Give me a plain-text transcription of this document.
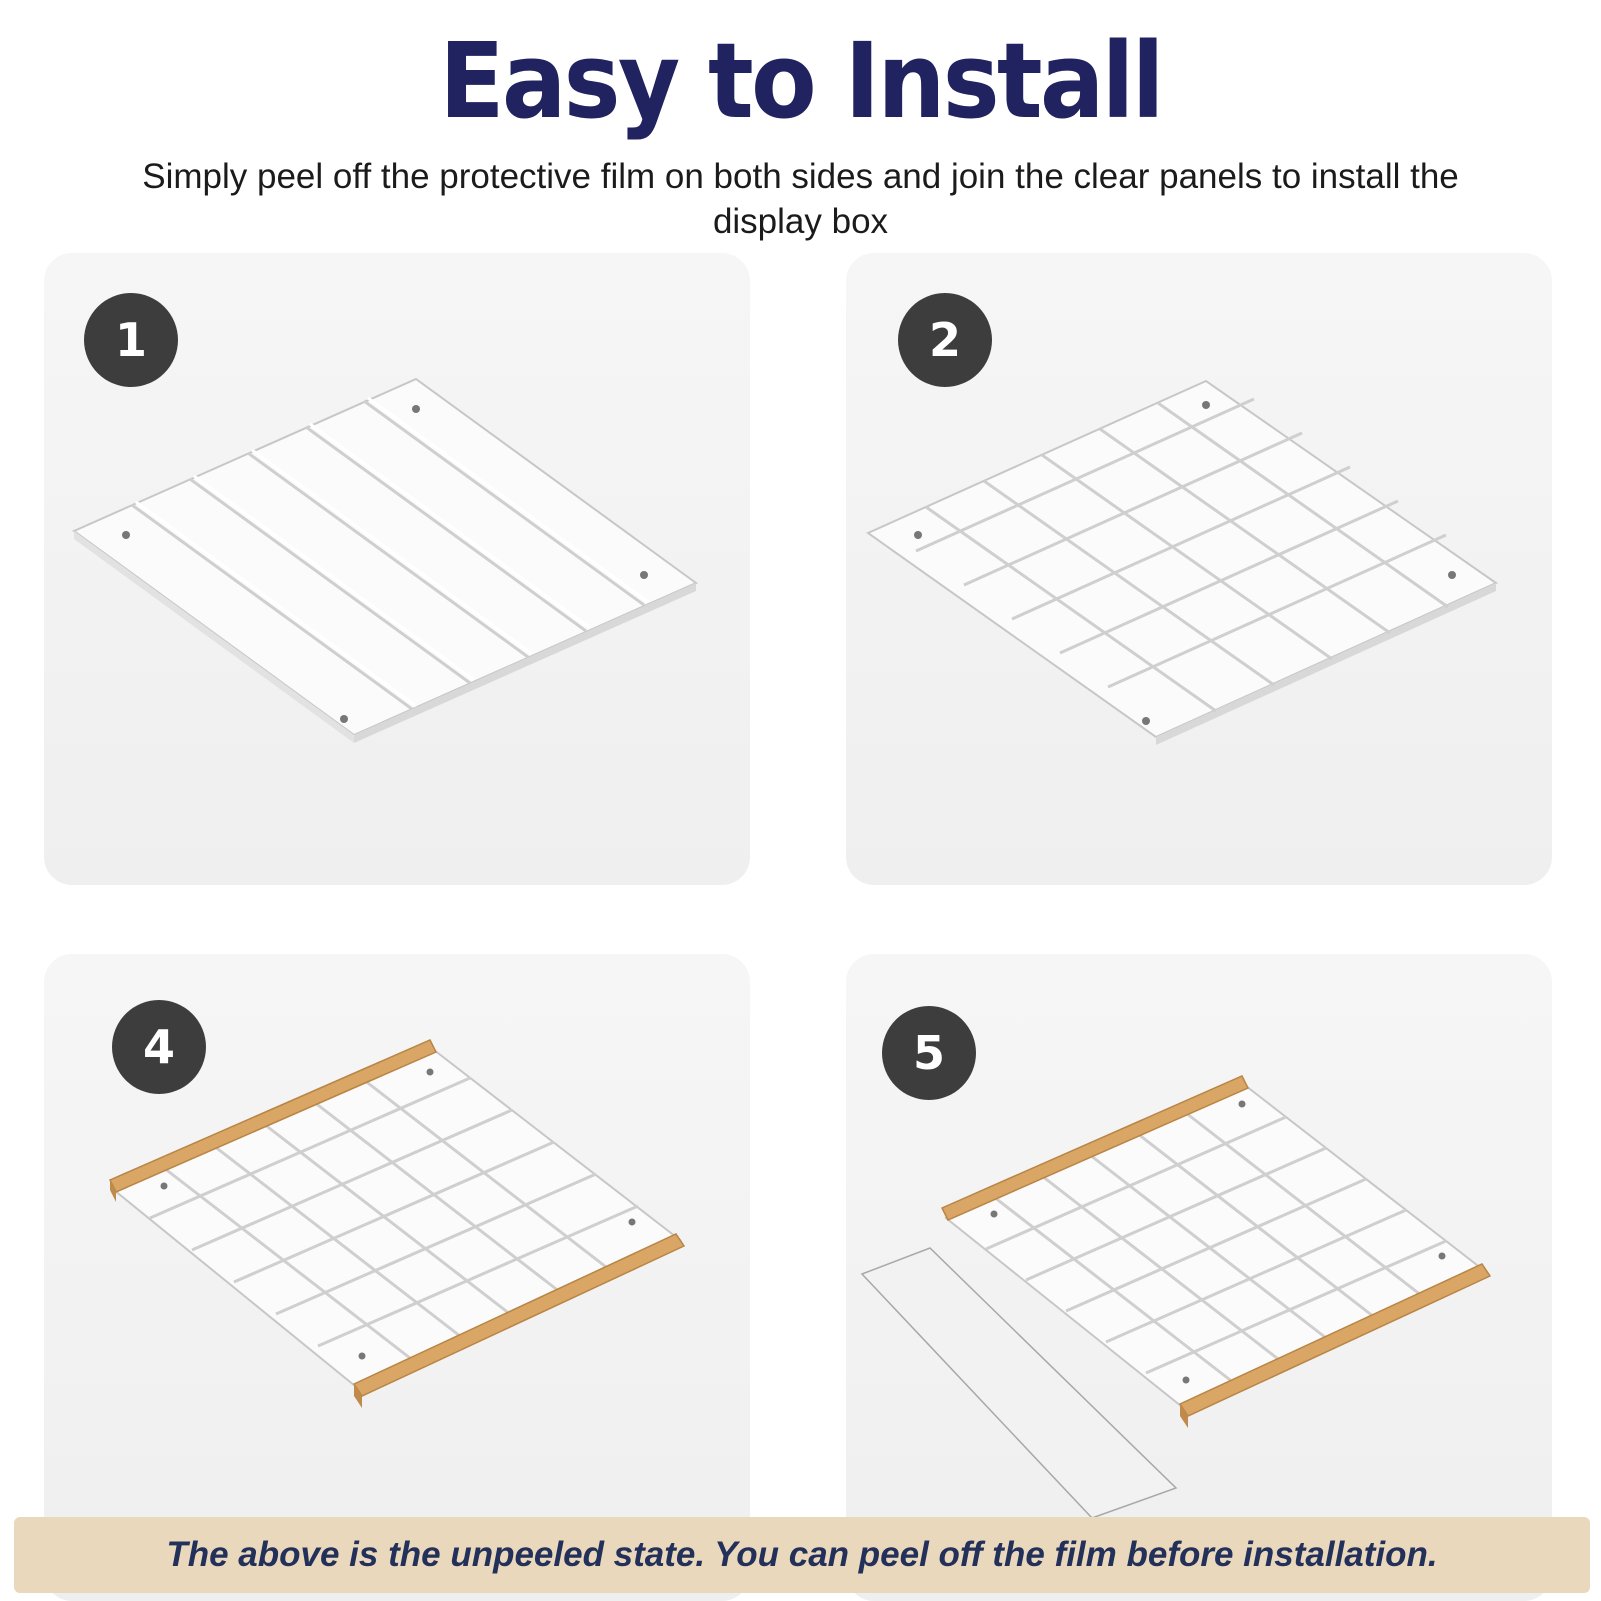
Easy to Install
Simply peel off the protective film on both sides and join the clear panels to install the display box
1	2
4	5
The above is the unpeeled state. You can peel off the film before installation.
